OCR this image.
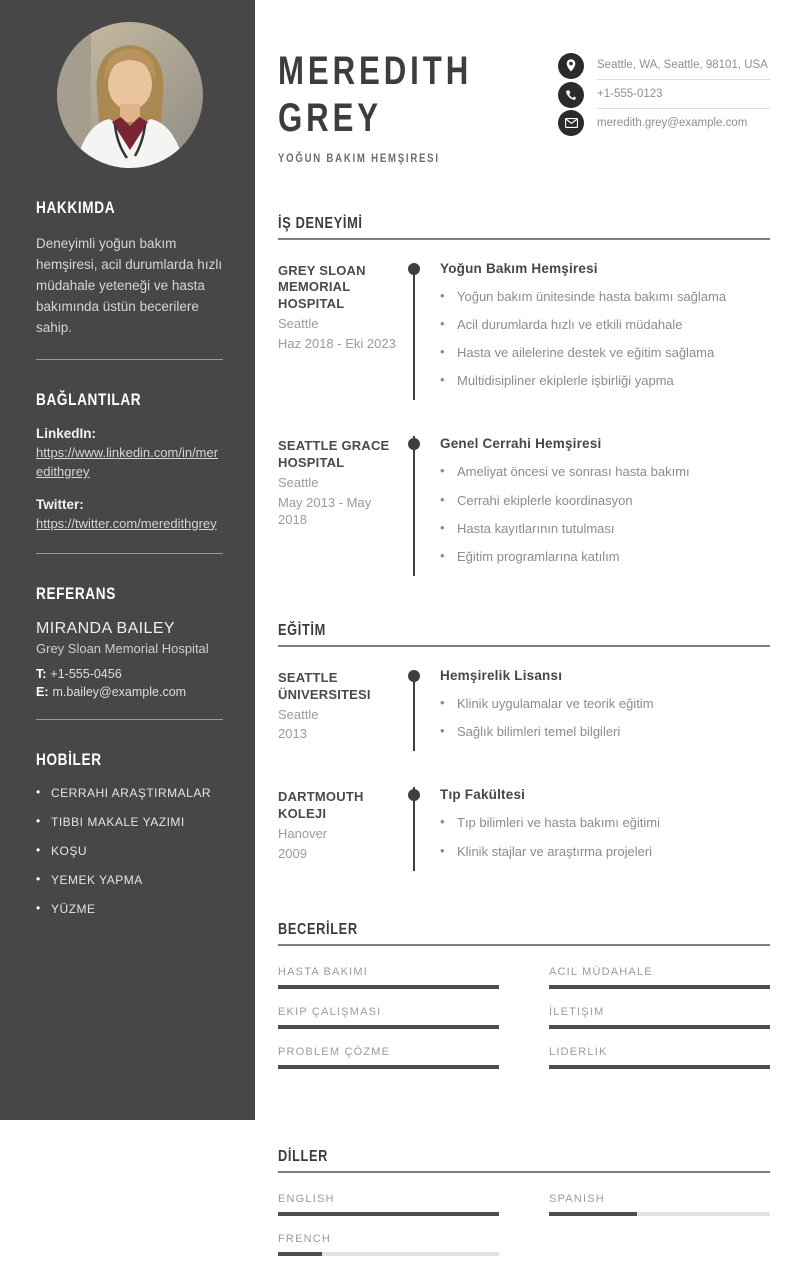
HAKKIMDA

Deneyimli yoğun bakım hemşiresi, acil durumlarda hızlı müdahale yeteneği ve hasta bakımında üstün becerilere sahip.

BAĞLANTILAR
LinkedIn:
https://www.linkedin.com/in/meredithgrey
Twitter:
https://twitter.com/meredithgrey
REFERANS
MIRANDA BAILEY
Grey Sloan Memorial Hospital
T: +1-555-0456
E: m.bailey@example.com
HOBİLER
• CERRAHI ARAŞTIRMALAR
• TIBBI MAKALE YAZIMI
• KOŞU
• YEMEK YAPMA
• YÜZME
MEREDITH
GREY
YOĞUN BAKIM HEMŞIRESI
Seattle, WA, Seattle, 98101, USA
+1-555-0123
meredith.grey@example.com
İŞ DENEYİMİ
GREY SLOAN MEMORIAL HOSPITAL
Seattle
Haz 2018 - Eki 2023
Yoğun Bakım Hemşiresi
• Yoğun bakım ünitesinde hasta bakımı sağlama
• Acil durumlarda hızlı ve etkili müdahale
• Hasta ve ailelerine destek ve eğitim sağlama
• Multidisipliner ekiplerle işbirliği yapma
SEATTLE GRACE HOSPITAL
Seattle
May 2013 - May 2018
Genel Cerrahi Hemşiresi
• Ameliyat öncesi ve sonrası hasta bakımı
• Cerrahi ekiplerle koordinasyon
• Hasta kayıtlarının tutulması
• Eğitim programlarına katılım
EĞİTİM
SEATTLE ÜNIVERSITESI
Seattle
2013
Hemşirelik Lisansı
• Klinik uygulamalar ve teorik eğitim
• Sağlık bilimleri temel bilgileri
DARTMOUTH KOLEJI
Hanover
2009
Tıp Fakültesi
• Tıp bilimleri ve hasta bakımı eğitimi
• Klinik stajlar ve araştırma projeleri
BECERİLER
HASTA BAKIMI	ACIL MÜDAHALE
EKIP ÇALIŞMASI	İLETIŞIM
PROBLEM ÇÖZME	LIDERLIK
DİLLER
ENGLISH	SPANISH
FRENCH
